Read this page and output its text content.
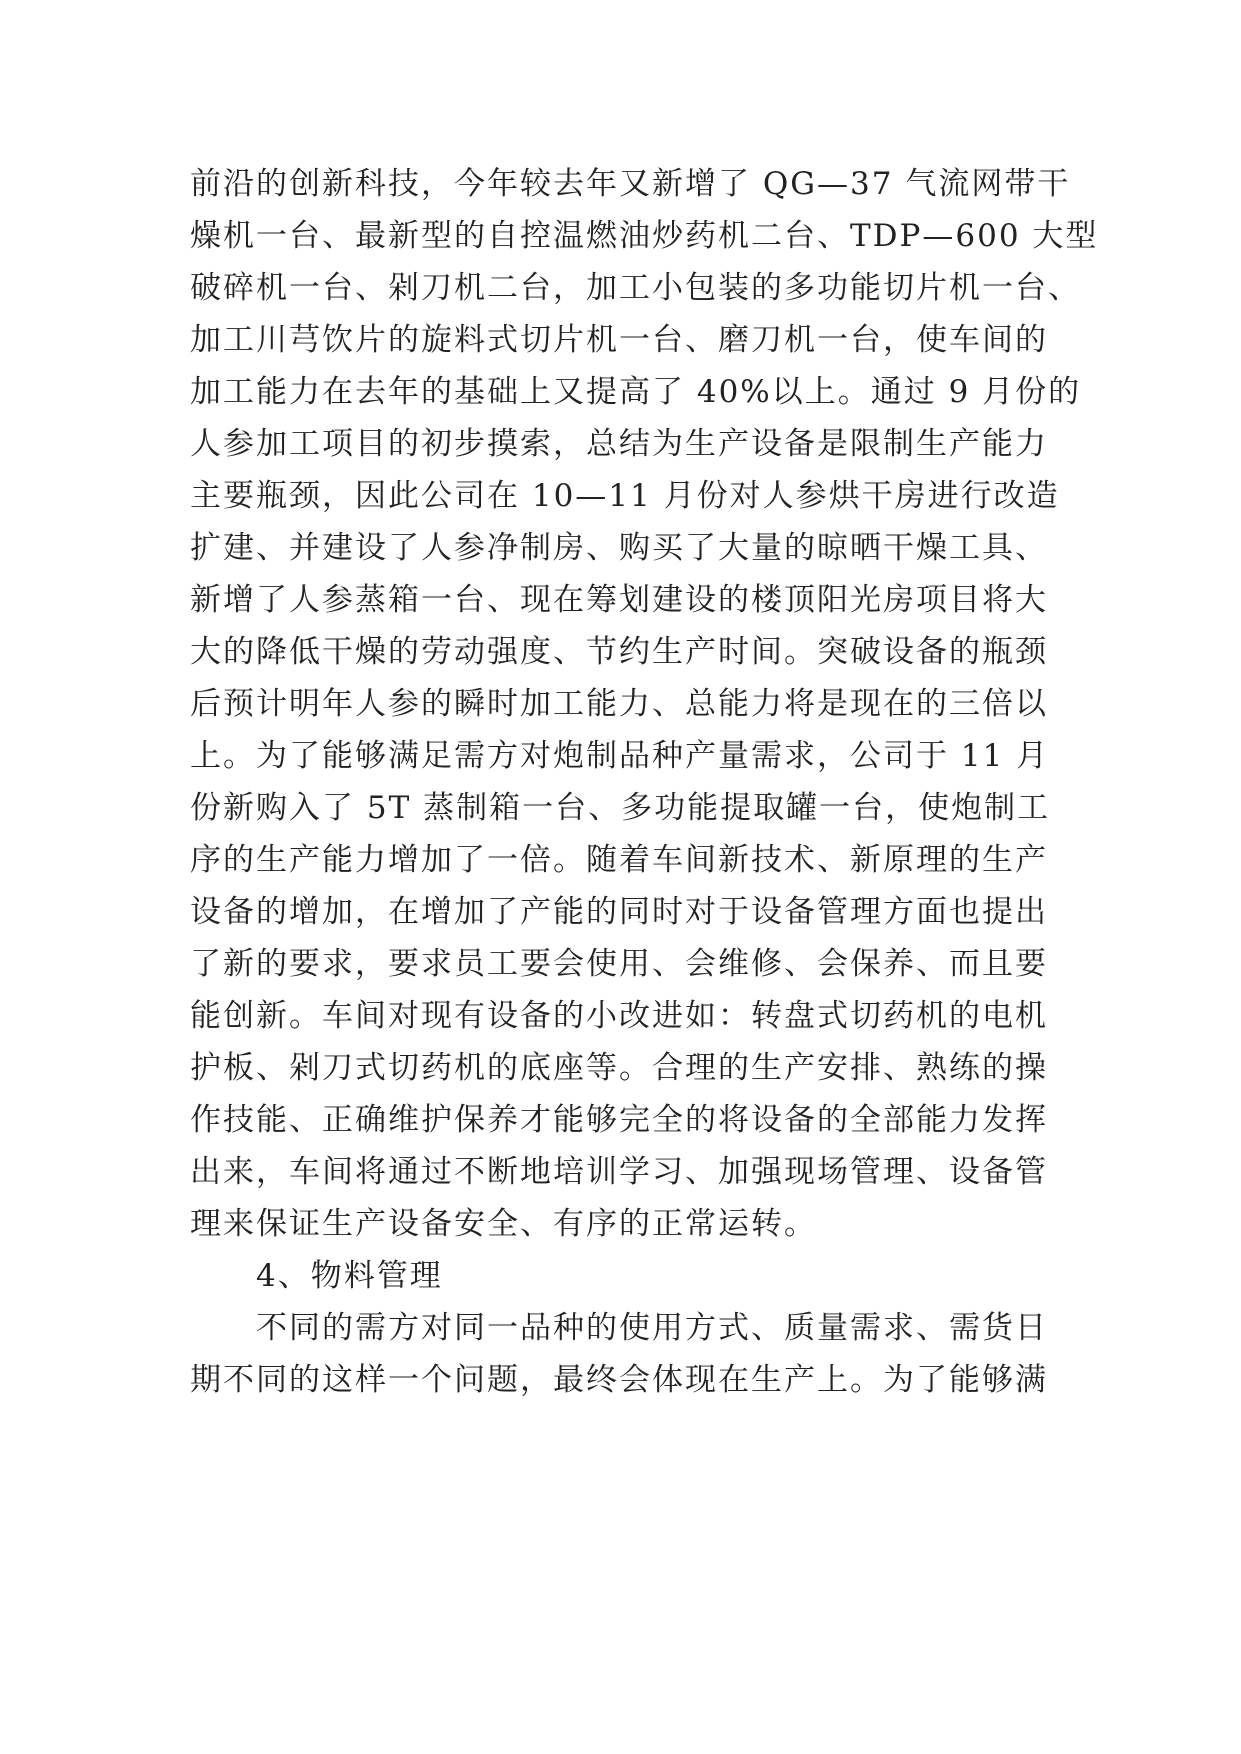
前沿的创新科技，今年较去年又新增了 QG—37 气流网带干
燥机一台、最新型的自控温燃油炒药机二台、TDP—600 大型
破碎机一台、剁刀机二台，加工小包装的多功能切片机一台、
加工川芎饮片的旋料式切片机一台、磨刀机一台，使车间的
加工能力在去年的基础上又提高了 40%以上。通过 9 月份的
人参加工项目的初步摸索，总结为生产设备是限制生产能力
主要瓶颈，因此公司在 10—11 月份对人参烘干房进行改造
扩建、并建设了人参净制房、购买了大量的晾晒干燥工具、
新增了人参蒸箱一台、现在筹划建设的楼顶阳光房项目将大
大的降低干燥的劳动强度、节约生产时间。突破设备的瓶颈
后预计明年人参的瞬时加工能力、总能力将是现在的三倍以
上。为了能够满足需方对炮制品种产量需求，公司于 11 月
份新购入了 5T 蒸制箱一台、多功能提取罐一台，使炮制工
序的生产能力增加了一倍。随着车间新技术、新原理的生产
设备的增加，在增加了产能的同时对于设备管理方面也提出
了新的要求，要求员工要会使用、会维修、会保养、而且要
能创新。车间对现有设备的小改进如：转盘式切药机的电机
护板、剁刀式切药机的底座等。合理的生产安排、熟练的操
作技能、正确维护保养才能够完全的将设备的全部能力发挥
出来，车间将通过不断地培训学习、加强现场管理、设备管
理来保证生产设备安全、有序的正常运转。
4、物料管理
不同的需方对同一品种的使用方式、质量需求、需货日
期不同的这样一个问题，最终会体现在生产上。为了能够满
